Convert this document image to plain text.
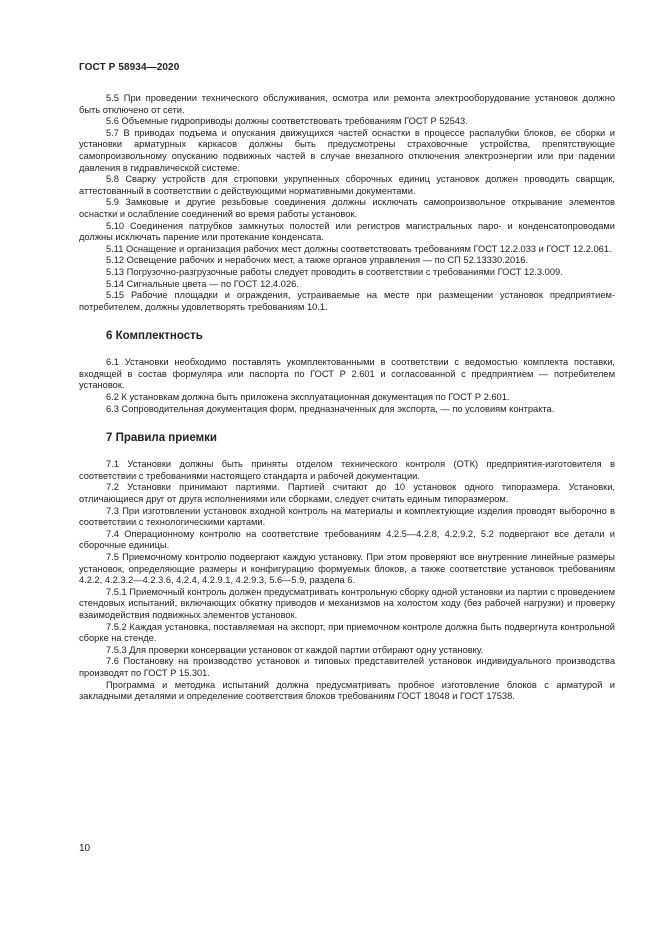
ГОСТ Р 58934—2020

5.5 При проведении технического обслуживания, осмотра или ремонта электрооборудование установок должно быть отключено от сети.

5.6 Объемные гидроприводы должны соответствовать требованиям ГОСТ Р 52543.

5.7 В приводах подъема и опускания движущихся частей оснастки в процессе распалубки блоков, ее сборки и установки арматурных каркасов должны быть предусмотрены страховочные устройства, препятствующие самопроизвольному опусканию подвижных частей в случае внезапного отключения электроэнергии или при падении давления в гидравлической системе.

5.8 Сварку устройств для строповки укрупненных сборочных единиц установок должен проводить сварщик, аттестованный в соответствии с действующими нормативными документами.

5.9 Замковые и другие резьбовые соединения должны исключать самопроизвольное открывание элементов оснастки и ослабление соединений во время работы установок.

5.10 Соединения патрубков замкнутых полостей или регистров магистральных паро- и конденсатопроводами должны исключать парение или протекание конденсата.

5.11 Оснащение и организация рабочих мест должны соответствовать требованиям ГОСТ 12.2.033 и ГОСТ 12.2.061.

5.12 Освещение рабочих и нерабочих мест, а также органов управления — по СП 52.13330.2016.

5.13 Погрузочно-разгрузочные работы следует проводить в соответствии с требованиями ГОСТ 12.3.009.

5.14 Сигнальные цвета — по ГОСТ 12.4.026.

5.15 Рабочие площадки и ограждения, устраиваемые на месте при размещении установок предприятием-потребителем, должны удовлетворять требованиям 10.1.

6 Комплектность

6.1 Установки необходимо поставлять укомплектованными в соответствии с ведомостью комплекта поставки, входящей в состав формуляра или паспорта по ГОСТ Р 2.601 и согласованной с предприятием — потребителем установок.

6.2 К установкам должна быть приложена эксплуатационная документация по ГОСТ Р 2.601.

6.3 Сопроводительная документация форм, предназначенных для экспорта, — по условиям контракта.

7 Правила приемки

7.1 Установки должны быть приняты отделом технического контроля (ОТК) предприятия-изготовителя в соответствии с требованиями настоящего стандарта и рабочей документации.

7.2 Установки принимают партиями. Партией считают до 10 установок одного типоразмера. Установки, отличающиеся друг от друга исполнениями или сборками, следует считать единым типоразмером.

7.3 При изготовлении установок входной контроль на материалы и комплектующие изделия проводят выборочно в соответствии с технологическими картами.

7.4 Операционному контролю на соответствие требованиям 4.2.5—4.2.8, 4.2.9.2, 5.2 подвергают все детали и сборочные единицы.

7.5 Приемочному контролю подвергают каждую установку. При этом проверяют все внутренние линейные размеры установок, определяющие размеры и конфигурацию формуемых блоков, а также соответствие установок требованиям 4.2.2, 4.2.3.2—4.2.3.6, 4.2.4, 4.2.9.1, 4.2.9.3, 5.6—5.9, раздела 6.

7.5.1 Приемочный контроль должен предусматривать контрольную сборку одной установки из партии с проведением стендовых испытаний, включающих обкатку приводов и механизмов на холостом ходу (без рабочей нагрузки) и проверку взаимодействия подвижных элементов установок.

7.5.2 Каждая установка, поставляемая на экспорт, при приемочном контроле должна быть подвергнута контрольной сборке на стенде.

7.5.3 Для проверки консервации установок от каждой партии отбирают одну установку.

7.6 Постановку на производство установок и типовых представителей установок индивидуального производства производят по ГОСТ Р 15.301.

Программа и методика испытаний должна предусматривать пробное изготовление блоков с арматурой и закладными деталями и определение соответствия блоков требованиям ГОСТ 18048 и ГОСТ 17538.

10
